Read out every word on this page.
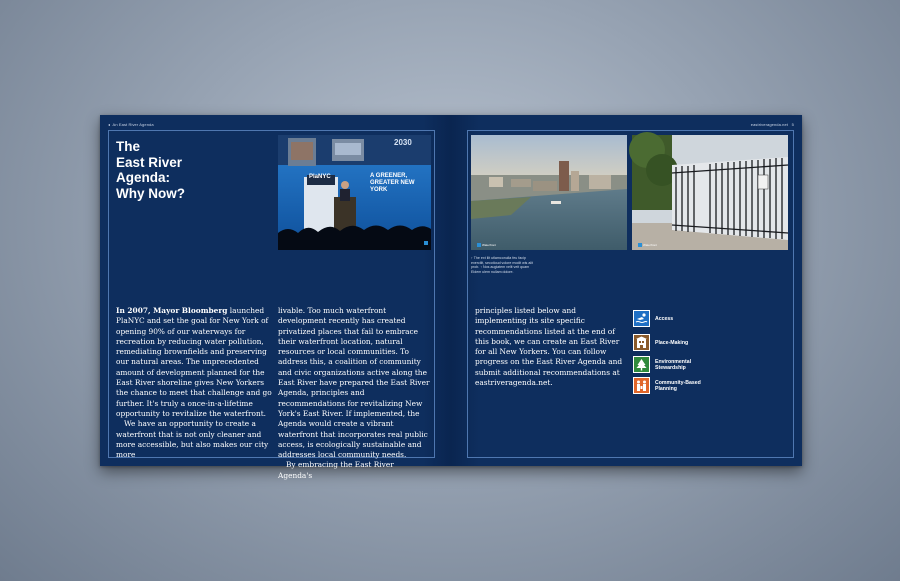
◂ An East River Agenda
The
East River
Agenda:
Why Now?
PlaNYC	A GREENER, GREATER NEW YORK
2030

In 2007, Mayor Bloomberg launched PlaNYC and set the goal for New York of opening 90% of our waterways for recreation by reducing water pollution, remediating brownfields and preserving our natural areas. The unprecedented amount of development planned for the East River shoreline gives New Yorkers the chance to meet that challenge and go further. It's truly a once-in-a-lifetime opportunity to revitalize the waterfront.

We have an opportunity to create a waterfront that is not only cleaner and more accessible, but also makes our city more

livable. Too much waterfront development recently has created privatized places that fail to embrace their waterfront location, natural resources or local communities. To address this, a coalition of community and civic organizations active along the East River have prepared the East River Agenda, principles and recommendations for revitalizing New York's East River. If implemented, the Agenda would create a vibrant waterfront that incorporates real public access, is ecologically sustainable and addresses local community needs.

By embracing the East River Agenda's

eastriveragenda.net 5
Waterfront	Waterfront
↑ The ext ilit utlamconullа feu facip exercilit, secotioud volore modit wis alit prob. ↑ Nos augiatem velit veit quam Eidem ulem nullam dolore.

principles listed below and implementing its site specific recommendations listed at the end of this book, we can create an East River for all New Yorkers. You can follow progress on the East River Agenda and submit additional recommendations at eastriveragenda.net.

Access
Place-Making
Environmental Stewardship
Community-Based Planning
